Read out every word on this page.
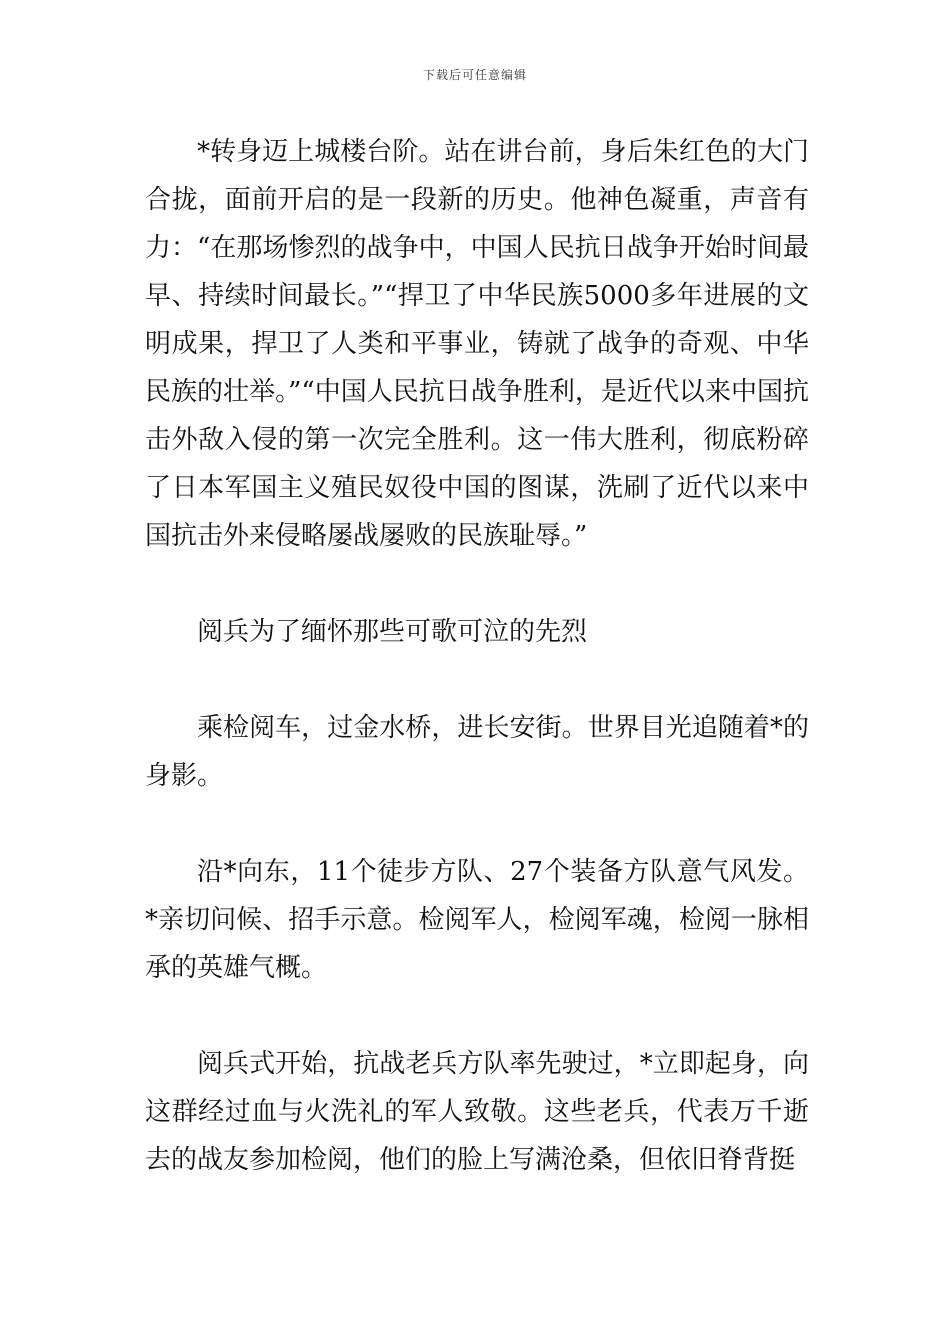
下载后可任意编辑

*转身迈上城楼台阶。站在讲台前，身后朱红色的大门合拢，面前开启的是一段新的历史。他神色凝重，声音有力：“在那场惨烈的战争中，中国人民抗日战争开始时间最早、持续时间最长。”“捍卫了中华民族5000多年进展的文明成果，捍卫了人类和平事业，铸就了战争的奇观、中华民族的壮举。”“中国人民抗日战争胜利，是近代以来中国抗击外敌入侵的第一次完全胜利。这一伟大胜利，彻底粉碎了日本军国主义殖民奴役中国的图谋，洗刷了近代以来中国抗击外来侵略屡战屡败的民族耻辱。”

阅兵为了缅怀那些可歌可泣的先烈

乘检阅车，过金水桥，进长安街。世界目光追随着*的身影。

沿*向东，11个徒步方队、27个装备方队意气风发。*亲切问候、招手示意。检阅军人，检阅军魂，检阅一脉相承的英雄气概。

阅兵式开始，抗战老兵方队率先驶过，*立即起身，向这群经过血与火洗礼的军人致敬。这些老兵，代表万千逝去的战友参加检阅，他们的脸上写满沧桑，但依旧脊背挺
